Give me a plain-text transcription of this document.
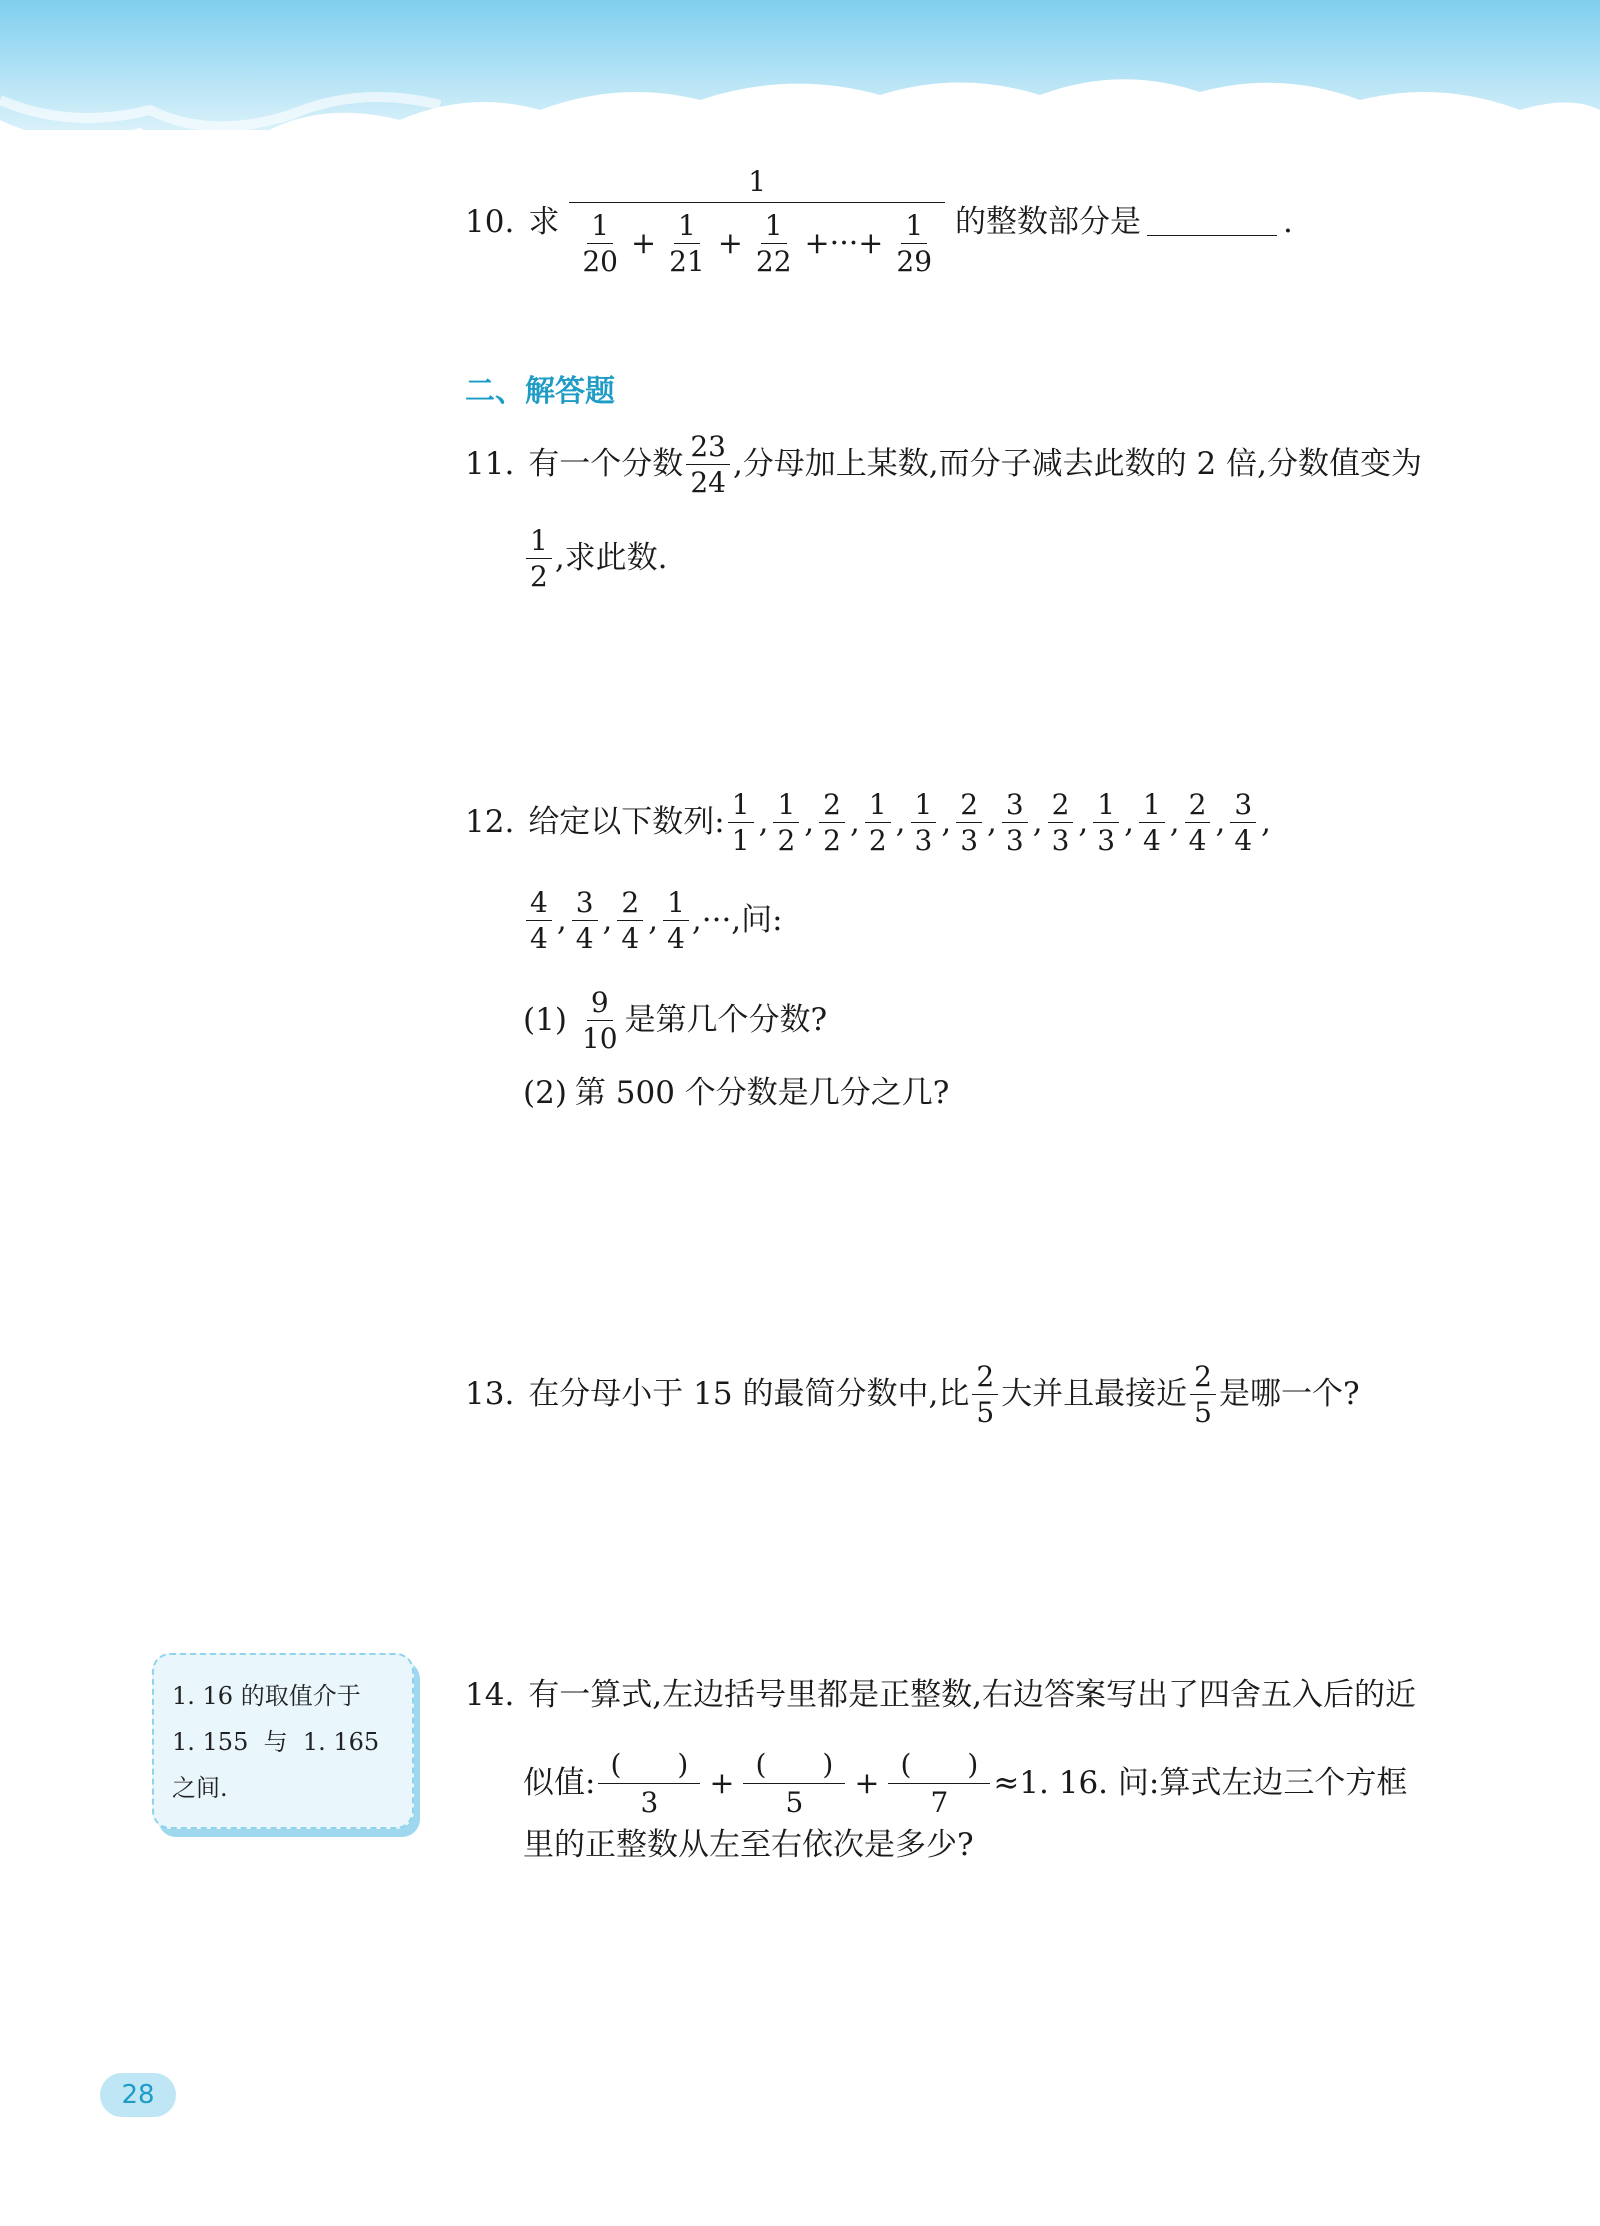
10. 求
1
$\frac{1}{20} + \frac{1}{21} + \frac{1}{22}$ +···+ $\frac{1}{29}$ 的整数部分是	.
二、解答题
11. 有一个分数 $\frac{23}{24}$ ,分母加上某数,而分子减去此数的 2 倍,分数值变为
$\frac{1}{2}$ ,求此数.
12. 给定以下数列: $\frac{1}{1}$ , $\frac{1}{2}$ , $\frac{2}{2}$ , $\frac{1}{2}$ , $\frac{1}{3}$ , $\frac{2}{3}$ , $\frac{3}{3}$ , $\frac{2}{3}$ , $\frac{1}{3}$ , $\frac{1}{4}$ , $\frac{2}{4}$ , $\frac{3}{4}$ ,
$\frac{4}{4}$ , $\frac{3}{4}$ , $\frac{2}{4}$ , $\frac{1}{4}$ ,···,问:
$(1) \frac{9}{10}$ 是第几个分数?
(2) 第 500 个分数是几分之几?
13. 在分母小于 15 的最简分数中,比 $\frac{2}{5}$ 大并且最接近 $\frac{2}{5}$ 是哪一个?
1. 16 的取值介于
1. 155  与  1. 165
之间.
14. 有一算式,左边括号里都是正整数,右边答案写出了四舍五入后的近
似值: $\frac{( )}{3} + \frac{( )}{5} + \frac{( )}{7} \approx 1$. 16. 问:算式左边三个方框
里的正整数从左至右依次是多少?
28
